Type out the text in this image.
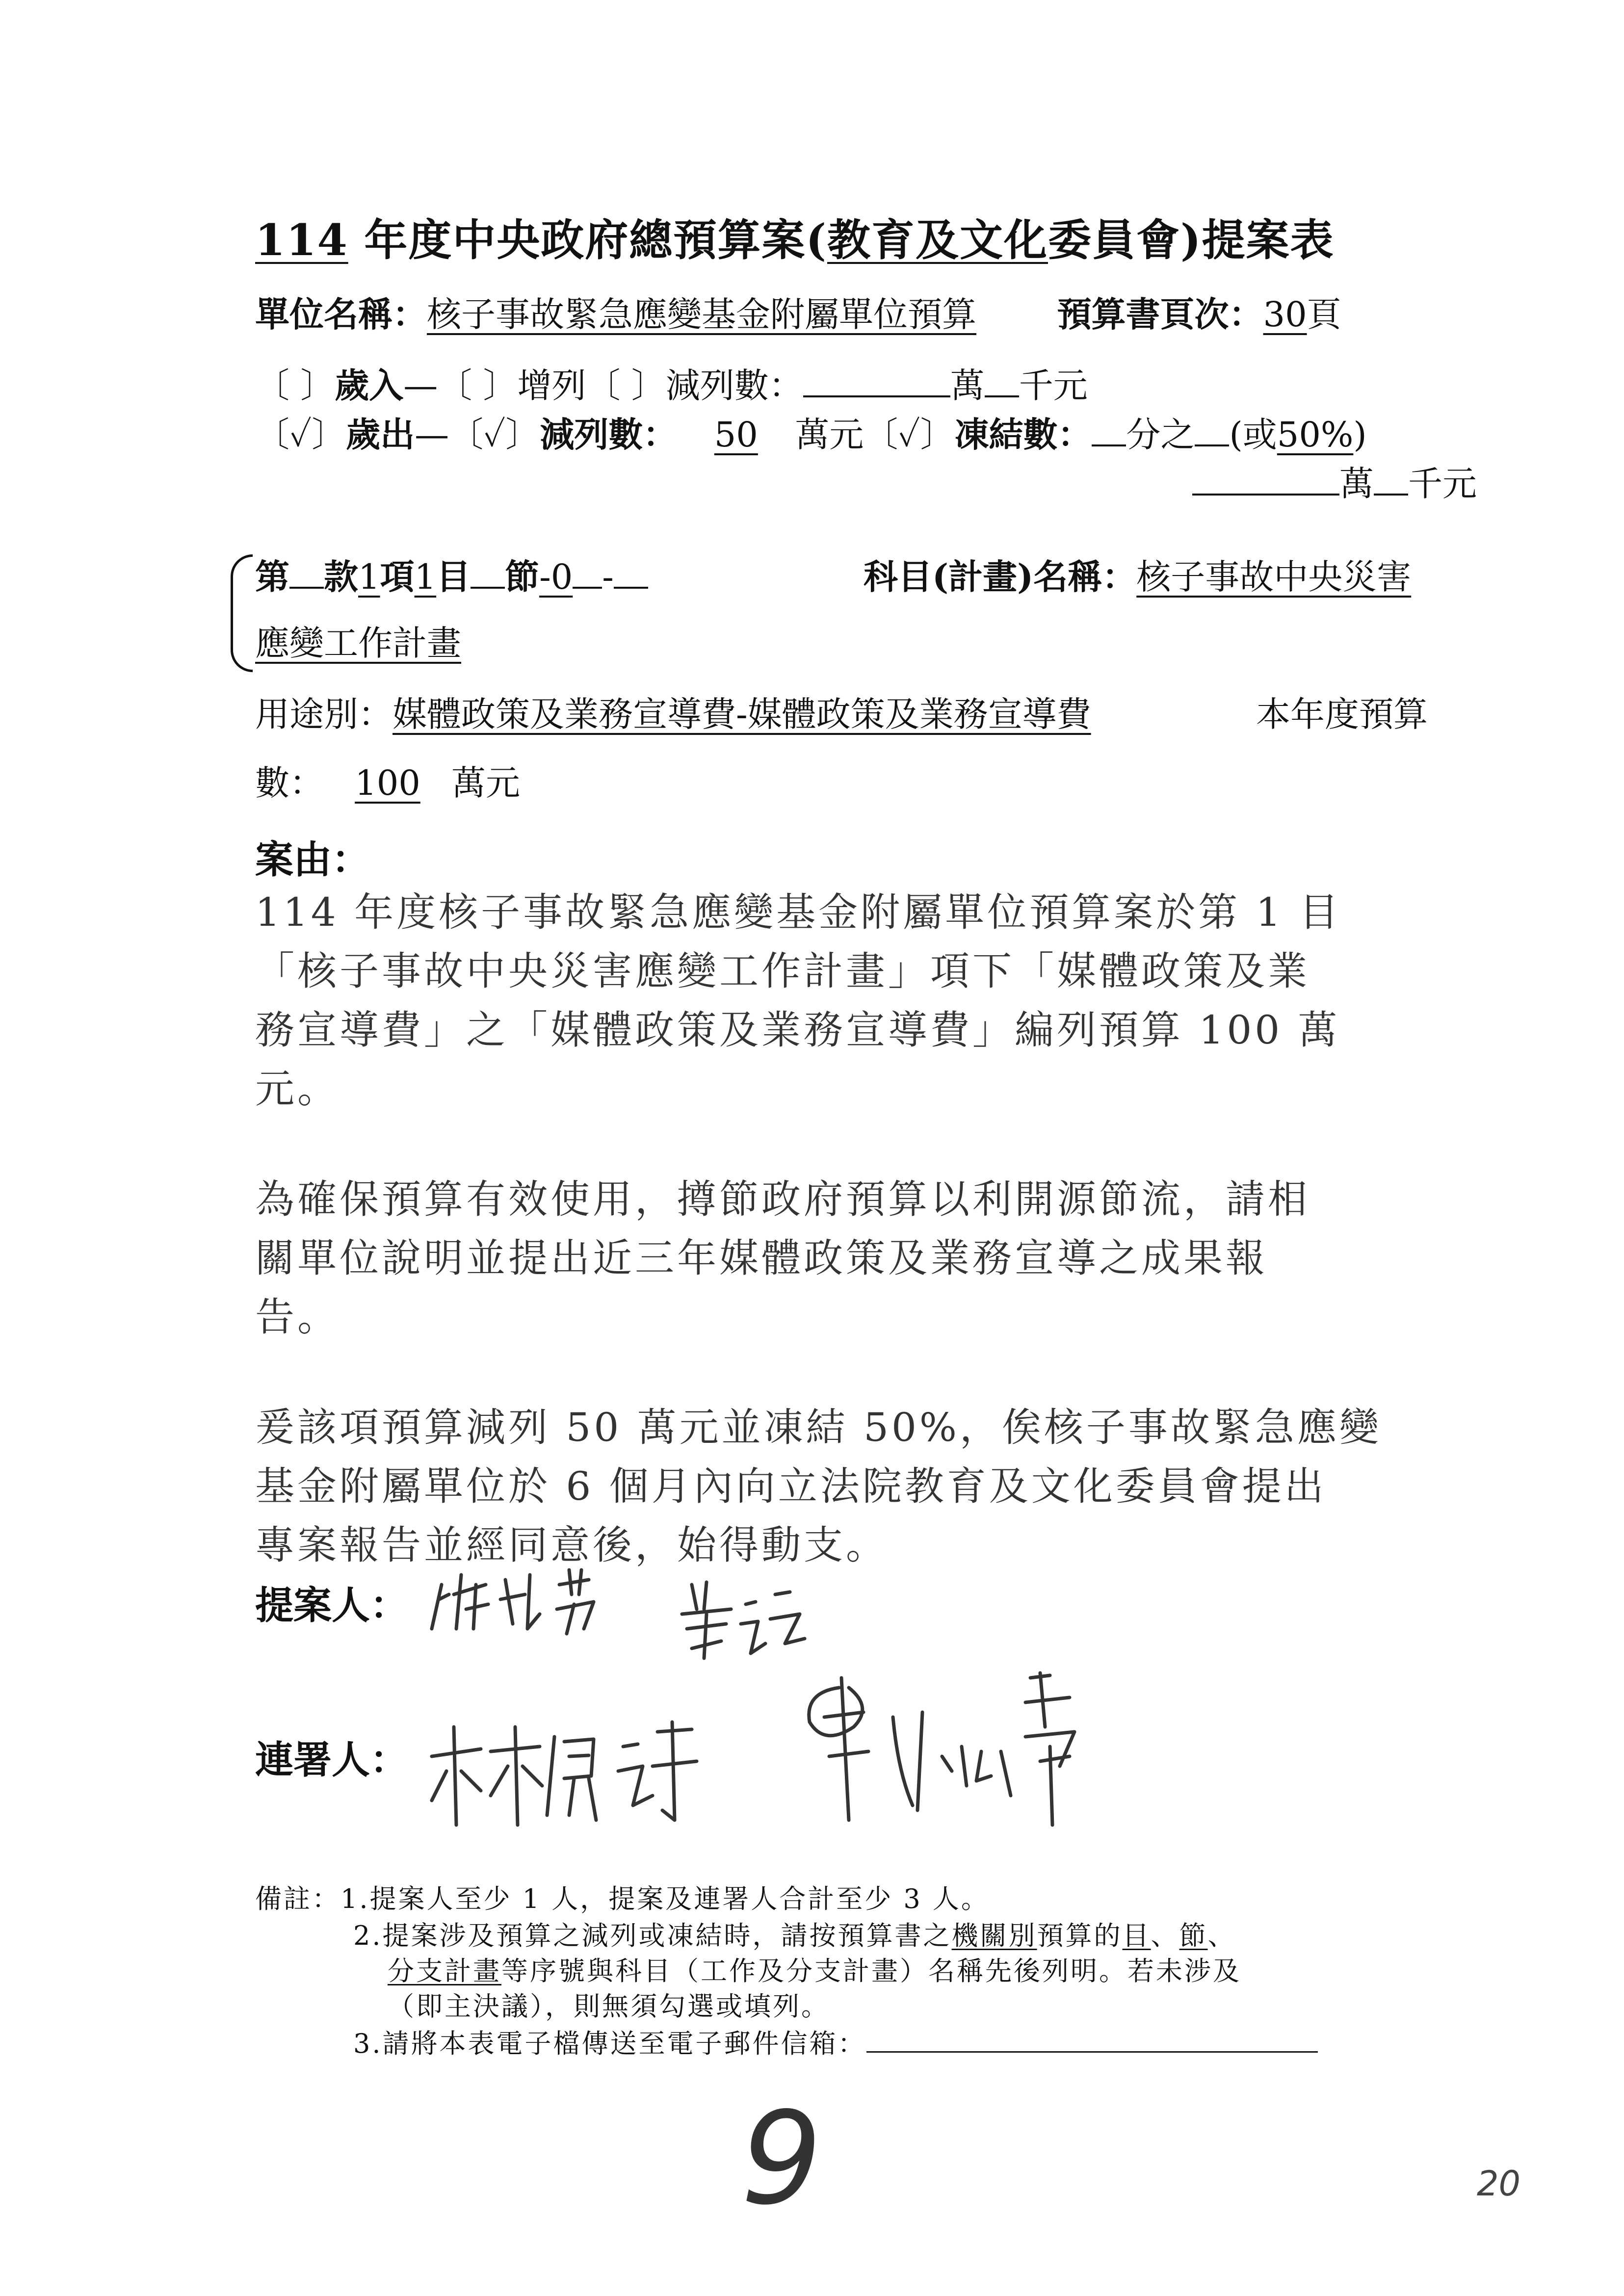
114 年度中央政府總預算案(教育及文化委員會)提案表
單位名稱：核子事故緊急應變基金附屬單位預算 預算書頁次：30頁
〔 〕歲入—〔 〕增列〔 〕減列數：	萬 千元
〔✓〕歲出—〔✓〕減列數： 50 萬元〔✓〕凍結數： 分之 (或50%)
萬 千元
第 款1項1目 節-0 -	科目(計畫)名稱：核子事故中央災害
應變工作計畫
用途別：媒體政策及業務宣導費-媒體政策及業務宣導費	本年度預算
數： 100 萬元
案由：
114 年度核子事故緊急應變基金附屬單位預算案於第 1 目
「核子事故中央災害應變工作計畫」項下「媒體政策及業
務宣導費」之「媒體政策及業務宣導費」編列預算 100 萬
元。
為確保預算有效使用，撙節政府預算以利開源節流，請相
關單位說明並提出近三年媒體政策及業務宣導之成果報
告。
爰該項預算減列 50 萬元並凍結 50%，俟核子事故緊急應變
基金附屬單位於 6 個月內向立法院教育及文化委員會提出
專案報告並經同意後，始得動支。
提案人：
連署人：
備註：1.提案人至少 1 人，提案及連署人合計至少 3 人。
2.提案涉及預算之減列或凍結時，請按預算書之機關別預算的目、節、
分支計畫等序號與科目（工作及分支計畫）名稱先後列明。若未涉及
（即主決議），則無須勾選或填列。
3.請將本表電子檔傳送至電子郵件信箱：
9	20
